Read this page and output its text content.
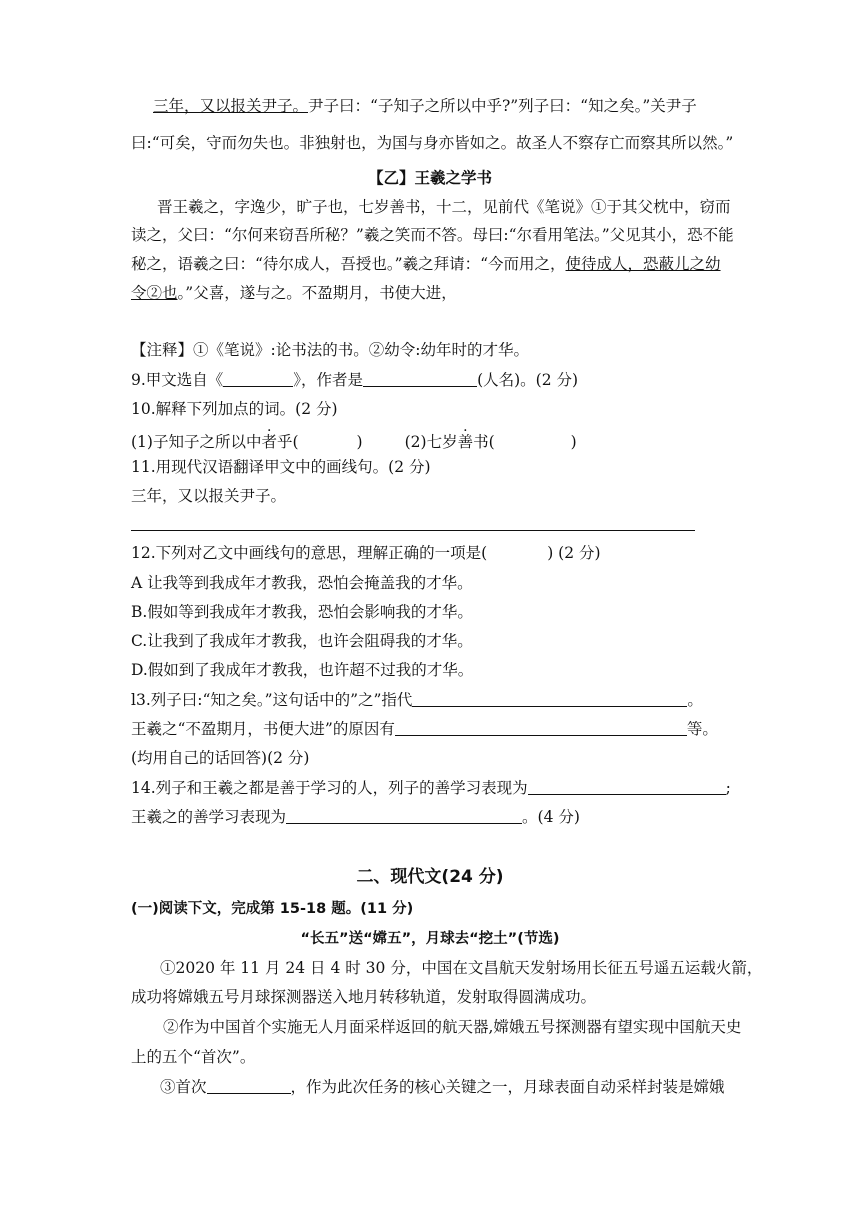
三年，又以报关尹子。尹子曰：“子知子之所以中乎?”列子曰：“知之矣。”关尹子
曰:“可矣，守而勿失也。非独射也，为国与身亦皆如之。故圣人不察存亡而察其所以然。”
【乙】王羲之学书
晋王羲之，字逸少，旷子也，七岁善书，十二，见前代《笔说》①于其父枕中，窃而
读之，父曰：“尔何来窃吾所秘？”羲之笑而不答。母曰:“尔看用笔法。”父见其小，恐不能
秘之，语羲之曰：“待尔成人，吾授也。”羲之拜请：“今而用之，使待成人，恐蔽儿之幼
令②也。”父喜，遂与之。不盈期月，书使大进，
【注释】①《笔说》:论书法的书。②幼令:幼年时的才华。
9.甲文选自《	》，作者是	(人名)。(2 分)
10.解释下列加点的词。(2 分)
(1)子知子之所以中者乎(	)	(2)七岁善书(	)
11.用现代汉语翻译甲文中的画线句。(2 分)
三年，又以报关尹子。
12.下列对乙文中画线句的意思，理解正确的一项是(	) (2 分)
A 让我等到我成年才教我，恐怕会掩盖我的才华。
B.假如等到我成年才教我，恐怕会影响我的才华。
C.让我到了我成年才教我，也许会阻碍我的才华。
D.假如到了我成年才教我，也许超不过我的才华。
l3.列子曰:“知之矣。”这句话中的”之”指代	。
王羲之“不盈期月，书便大进”的原因有	等。
(均用自己的话回答)(2 分)
14.列子和王羲之都是善于学习的人，列子的善学习表现为	;
王羲之的善学习表现为	。(4 分)
二、现代文(24 分)
(一)阅读下文，完成第 15-18 题。(11 分)
“长五”送“嫦五”，月球去“挖土”(节选)
①2020 年 11 月 24 日 4 时 30 分，中国在文昌航天发射场用长征五号遥五运载火箭，
成功将嫦娥五号月球探测器送入地月转移轨道，发射取得圆满成功。
②作为中国首个实施无人月面采样返回的航天器,嫦娥五号探测器有望实现中国航天史
上的五个“首次”。
③首次	，作为此次任务的核心关键之一，月球表面自动采样封装是嫦娥
